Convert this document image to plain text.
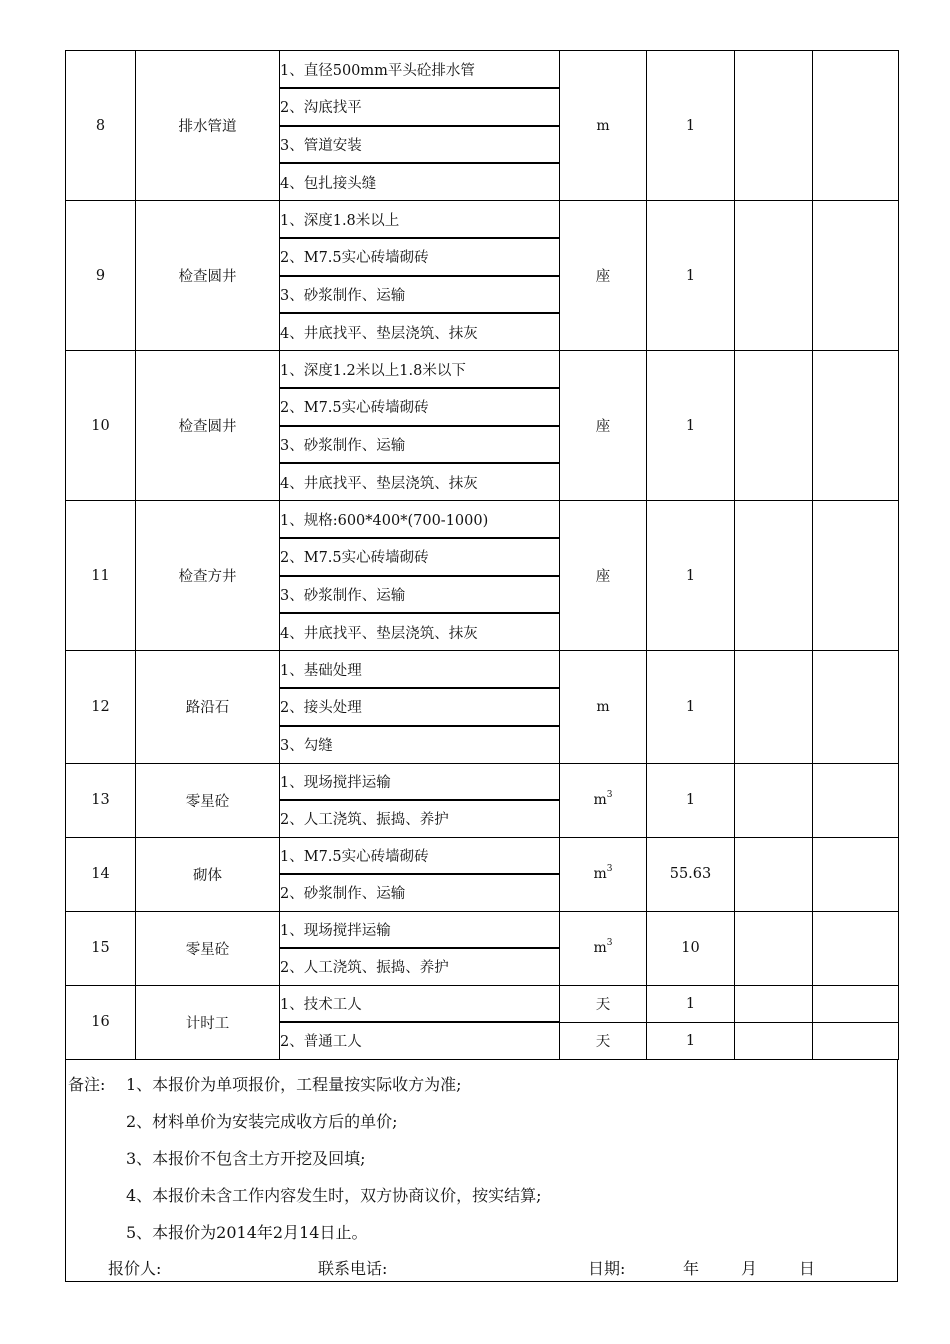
8	排水管道	1、直径500mm平头砼排水管	m	1		
		2、沟底找平				
		3、管道安装				
		4、包扎接头缝				
9	检查圆井	1、深度1.8米以上	座	1		
		2、M7.5实心砖墙砌砖				
		3、砂浆制作、运输				
		4、井底找平、垫层浇筑、抹灰				
10	检查圆井	1、深度1.2米以上1.8米以下	座	1		
		2、M7.5实心砖墙砌砖				
		3、砂浆制作、运输				
		4、井底找平、垫层浇筑、抹灰				
11	检查方井	1、规格:600*400*(700-1000)	座	1		
		2、M7.5实心砖墙砌砖				
		3、砂浆制作、运输				
		4、井底找平、垫层浇筑、抹灰				
12	路沿石	1、基础处理	m	1		
		2、接头处理				
		3、勾缝				
13	零星砼	1、现场搅拌运输	$m^3$	1		
		2、人工浇筑、振捣、养护				
14	砌体	1、M7.5实心砖墙砌砖	$m^3$	55.63		
		2、砂浆制作、运输				
15	零星砼	1、现场搅拌运输	$m^3$	10		
		2、人工浇筑、振捣、养护				
16	计时工	1、技术工人	天	1		
		2、普通工人	天	1		
备注: 1、本报价为单项报价，工程量按实际收方为准;
2、材料单价为安装完成收方后的单价;
3、本报价不包含土方开挖及回填;
4、本报价未含工作内容发生时，双方协商议价，按实结算;
5、本报价为2014年2月14日止。
报价人:	联系电话:	日期:	年	月	日
